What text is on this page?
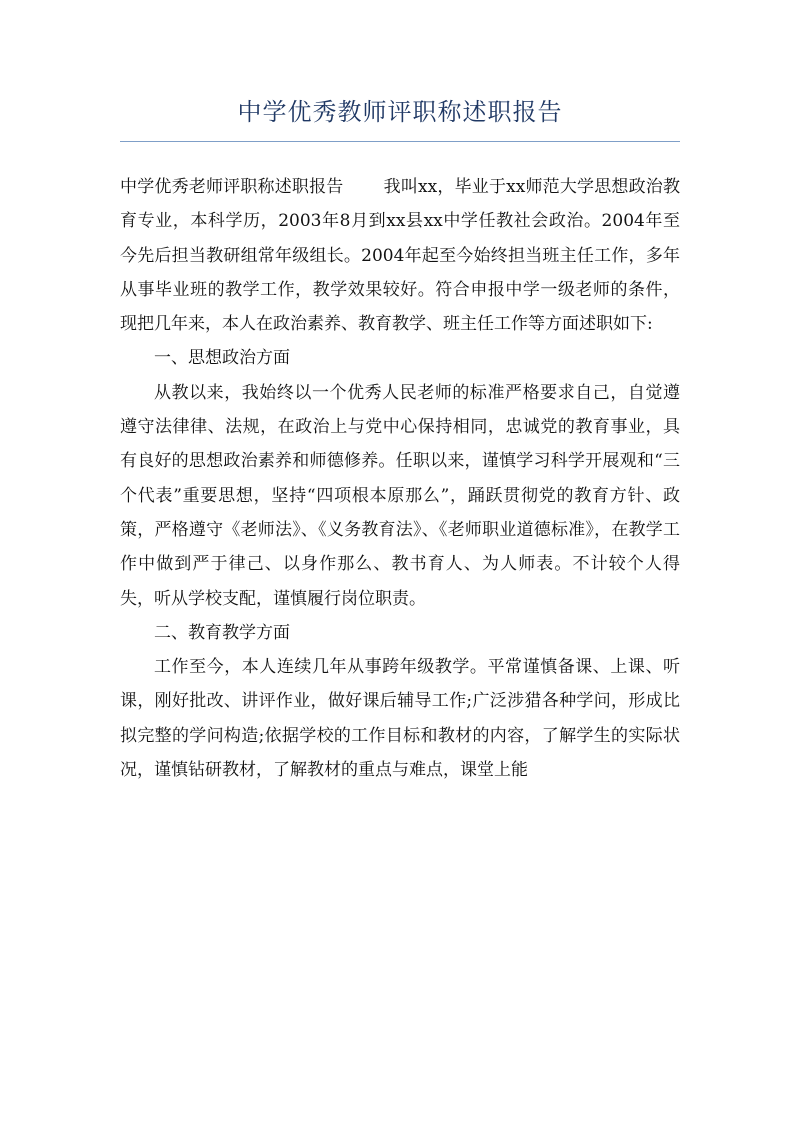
中学优秀教师评职称述职报告

中学优秀老师评职称述职报告 我叫xx，毕业于xx师范大学思想政治教育专业，本科学历，2003年8月到xx县xx中学任教社会政治。2004年至今先后担当教研组常年级组长。2004年起至今始终担当班主任工作，多年从事毕业班的教学工作，教学效果较好。符合申报中学一级老师的条件，现把几年来，本人在政治素养、教育教学、班主任工作等方面述职如下:

一、思想政治方面

从教以来，我始终以一个优秀人民老师的标准严格要求自己，自觉遵遵守法律律、法规，在政治上与党中心保持相同，忠诚党的教育事业，具有良好的思想政治素养和师德修养。任职以来，谨慎学习科学开展观和“三个代表”重要思想，坚持“四项根本原那么”，踊跃贯彻党的教育方针、政策，严格遵守《老师法》、《义务教育法》、《老师职业道德标准》，在教学工作中做到严于律己、以身作那么、教书育人、为人师表。不计较个人得失，听从学校支配，谨慎履行岗位职责。

二、教育教学方面

工作至今，本人连续几年从事跨年级教学。平常谨慎备课、上课、听课，刚好批改、讲评作业，做好课后辅导工作;广泛涉猎各种学问，形成比拟完整的学问构造;依据学校的工作目标和教材的内容，了解学生的实际状况，谨慎钻研教材，了解教材的重点与难点，课堂上能
